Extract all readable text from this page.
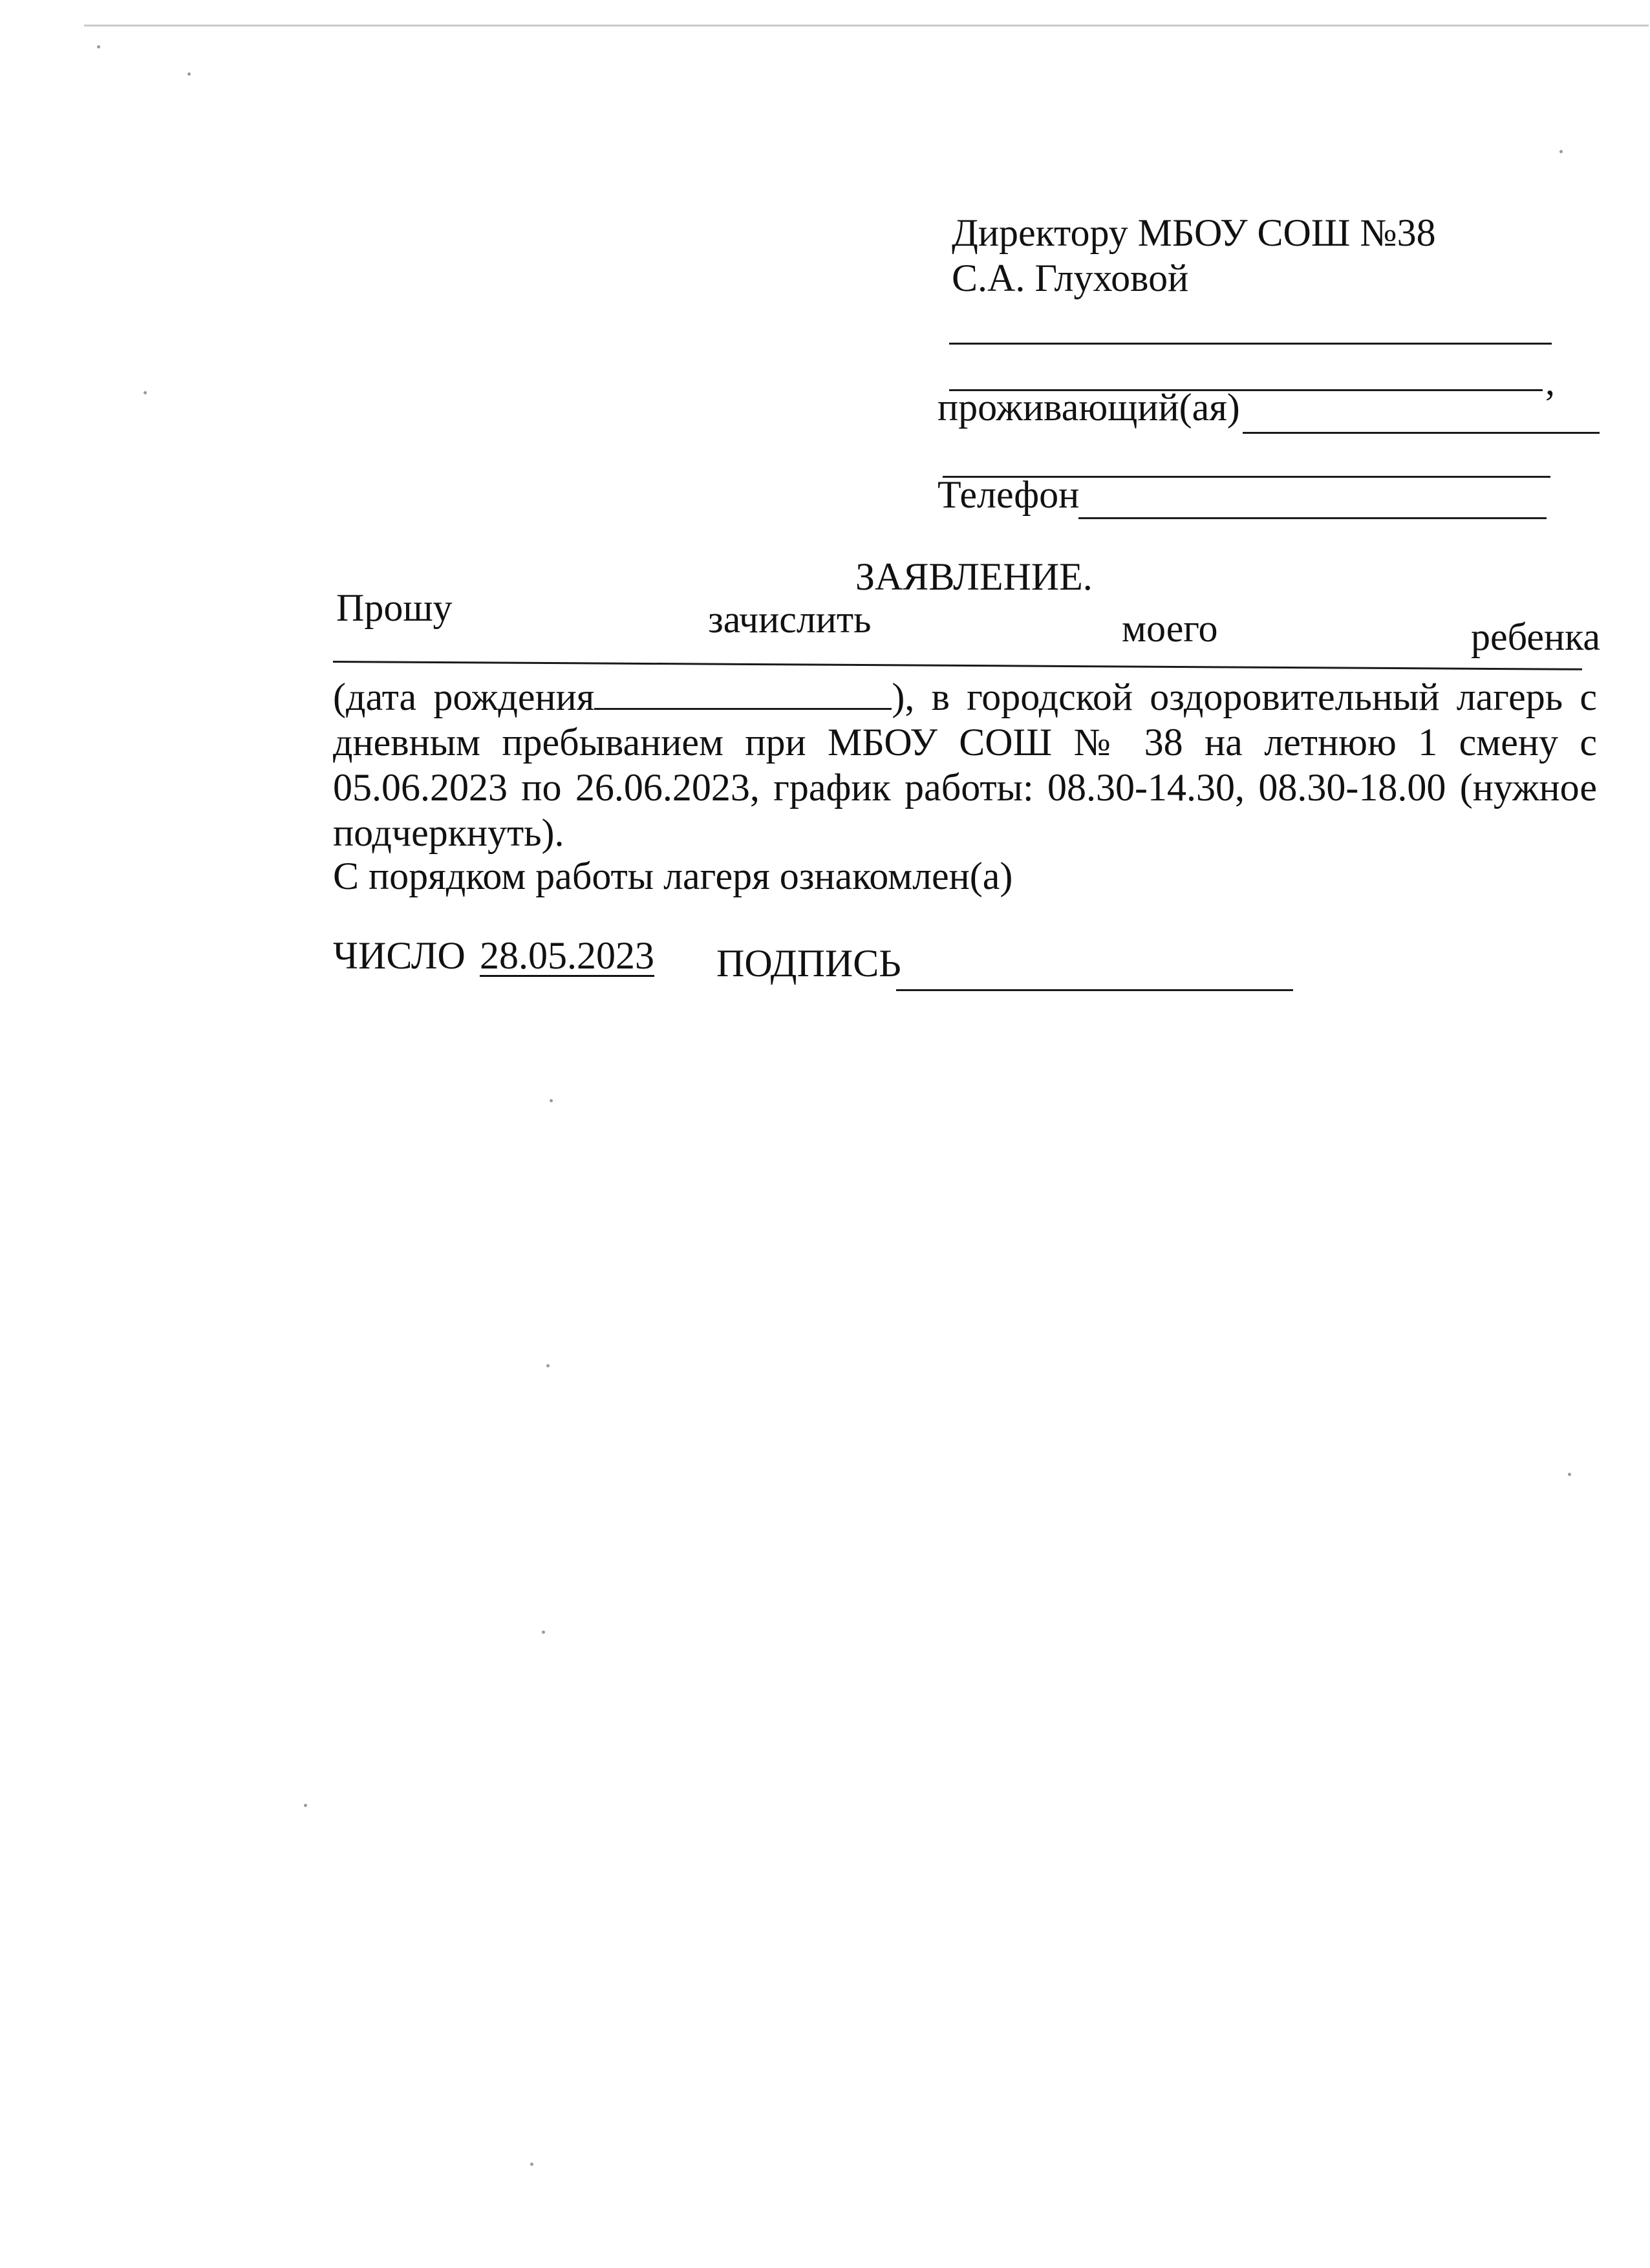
Директору МБОУ СОШ №38
С.А. Глуховой
,
проживающий(ая)
Телефон
ЗАЯВЛЕНИЕ.
Прошу	зачислить	моего	ребенка
(дата рождения	), в городской оздоровительный лагерь с дневным пребыванием при МБОУ СОШ № 38 на летнюю 1 смену с 05.06.2023 по 26.06.2023, график работы: 08.30-14.30, 08.30-18.00 (нужное подчеркнуть).
С порядком работы лагеря ознакомлен(а)
ЧИСЛО 28.05.2023 ПОДПИСЬ
